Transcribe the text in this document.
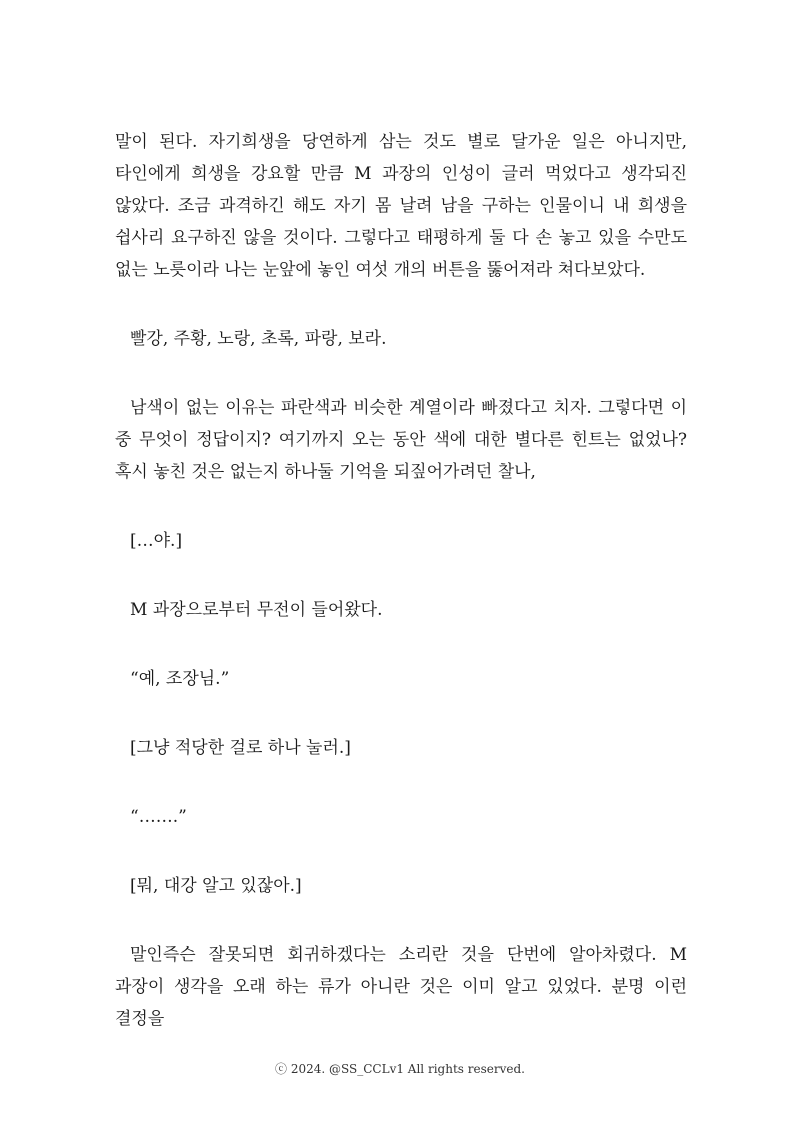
말이 된다. 자기희생을 당연하게 삼는 것도 별로 달가운 일은 아니지만, 타인에게 희생을 강요할 만큼 M 과장의 인성이 글러 먹었다고 생각되진 않았다. 조금 과격하긴 해도 자기 몸 날려 남을 구하는 인물이니 내 희생을 쉽사리 요구하진 않을 것이다. 그렇다고 태평하게 둘 다 손 놓고 있을 수만도 없는 노릇이라 나는 눈앞에 놓인 여섯 개의 버튼을 뚫어져라 쳐다보았다.

빨강, 주황, 노랑, 초록, 파랑, 보라.

남색이 없는 이유는 파란색과 비슷한 계열이라 빠졌다고 치자. 그렇다면 이 중 무엇이 정답이지? 여기까지 오는 동안 색에 대한 별다른 힌트는 없었나? 혹시 놓친 것은 없는지 하나둘 기억을 되짚어가려던 찰나,

[…야.]

M 과장으로부터 무전이 들어왔다.

“예, 조장님.”

[그냥 적당한 걸로 하나 눌러.]

“…….”

[뭐, 대강 알고 있잖아.]

말인즉슨 잘못되면 회귀하겠다는 소리란 것을 단번에 알아차렸다. M 과장이 생각을 오래 하는 류가 아니란 것은 이미 알고 있었다. 분명 이런 결정을

ⓒ 2024. @SS_CCLv1 All rights reserved.
